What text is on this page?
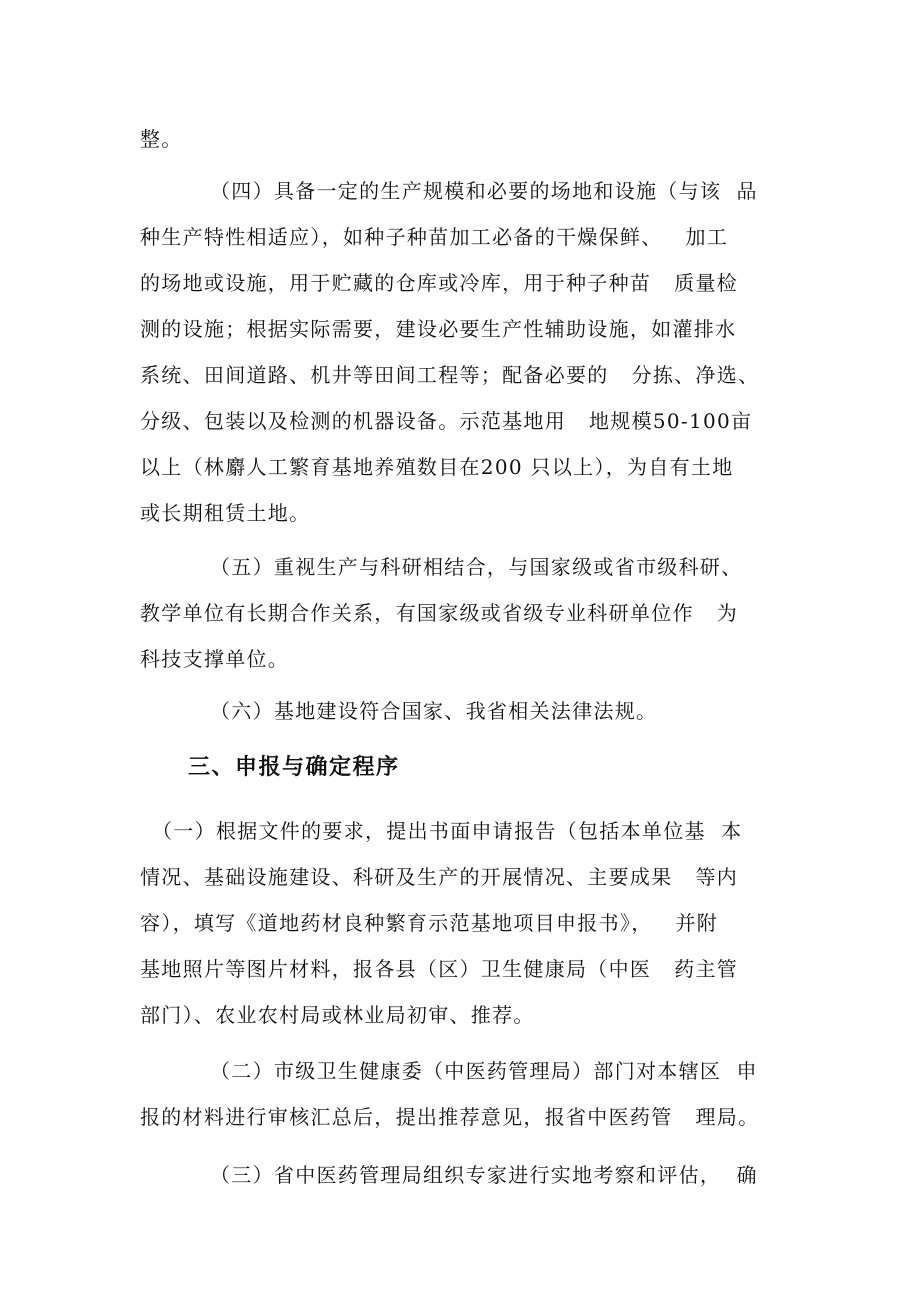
整。
（四）具备一定的生产规模和必要的场地和设施（与该  品
种生产特性相适应），如种子种苗加工必备的干燥保鲜、   加工
的场地或设施，用于贮藏的仓库或冷库，用于种子种苗   质量检
测的设施；根据实际需要，建设必要生产性辅助设施，如灌排水
系统、田间道路、机井等田间工程等；配备必要的   分拣、净选、
分级、包装以及检测的机器设备。示范基地用   地规模50-100亩
以上（林麝人工繁育基地养殖数目在200 只以上），为自有土地
或长期租赁土地。
（五）重视生产与科研相结合，与国家级或省市级科研、
教学单位有长期合作关系，有国家级或省级专业科研单位作   为
科技支撑单位。
（六）基地建设符合国家、我省相关法律法规。
三、申报与确定程序
（一）根据文件的要求，提出书面申请报告（包括本单位基  本
情况、基础设施建设、科研及生产的开展情况、主要成果   等内
容），填写《道地药材良种繁育示范基地项目申报书》，   并附
基地照片等图片材料，报各县（区）卫生健康局（中医   药主管
部门）、农业农村局或林业局初审、推荐。
（二）市级卫生健康委（中医药管理局）部门对本辖区  申
报的材料进行审核汇总后，提出推荐意见，报省中医药管   理局。
（三）省中医药管理局组织专家进行实地考察和评估，  确
